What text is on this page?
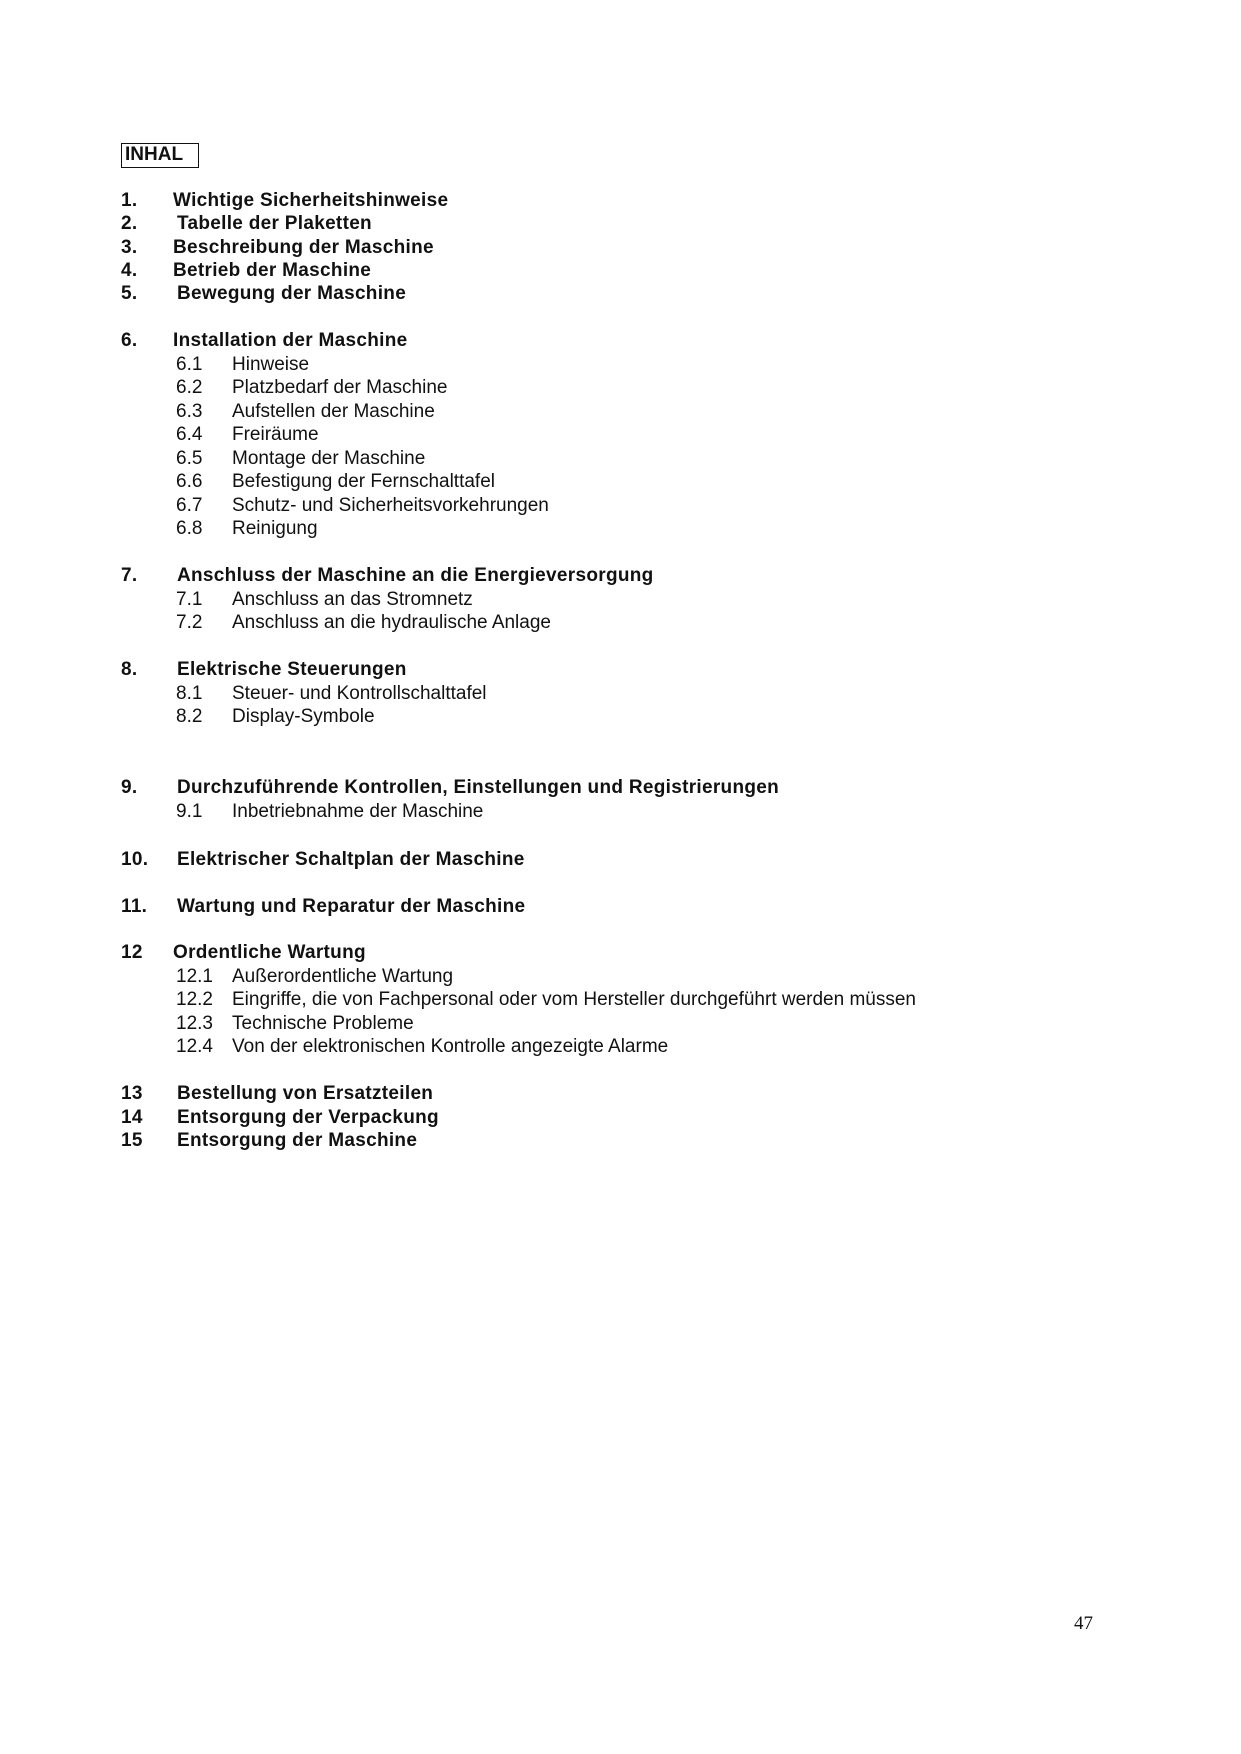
INHAL
1. Wichtige Sicherheitshinweise
2. Tabelle der Plaketten
3. Beschreibung der Maschine
4. Betrieb der Maschine
5. Bewegung der Maschine
6. Installation der Maschine
6.1 Hinweise
6.2 Platzbedarf der Maschine
6.3 Aufstellen der Maschine
6.4 Freiräume
6.5 Montage der Maschine
6.6 Befestigung der Fernschalttafel
6.7 Schutz- und Sicherheitsvorkehrungen
6.8 Reinigung
7. Anschluss der Maschine an die Energieversorgung
7.1 Anschluss an das Stromnetz
7.2 Anschluss an die hydraulische Anlage
8. Elektrische Steuerungen
8.1 Steuer- und Kontrollschalttafel
8.2 Display-Symbole
9. Durchzuführende Kontrollen, Einstellungen und Registrierungen
9.1 Inbetriebnahme der Maschine
10. Elektrischer Schaltplan der Maschine
11. Wartung und Reparatur der Maschine
12 Ordentliche Wartung
12.1 Außerordentliche Wartung
12.2 Eingriffe, die von Fachpersonal oder vom Hersteller durchgeführt werden müssen
12.3 Technische Probleme
12.4 Von der elektronischen Kontrolle angezeigte Alarme
13 Bestellung von Ersatzteilen
14 Entsorgung der Verpackung
15 Entsorgung der Maschine
47
